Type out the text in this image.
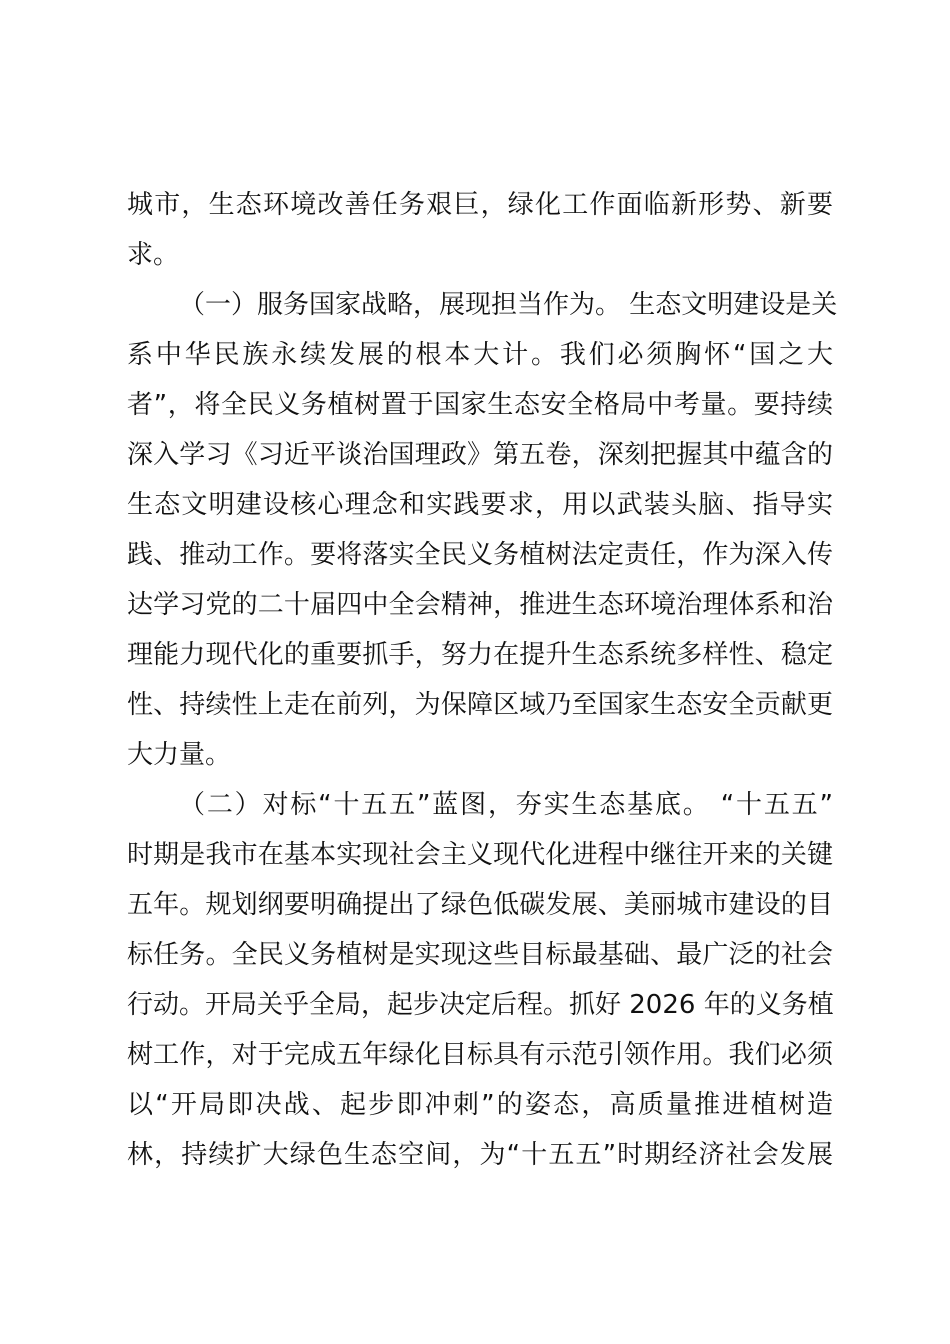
城市，生态环境改善任务艰巨，绿化工作面临新形势、新要
求。
（一）服务国家战略，展现担当作为。 生态文明建设是关
系中华民族永续发展的根本大计。我们必须胸怀“国之大
者”，将全民义务植树置于国家生态安全格局中考量。要持续
深入学习《习近平谈治国理政》第五卷，深刻把握其中蕴含的
生态文明建设核心理念和实践要求，用以武装头脑、指导实
践、推动工作。要将落实全民义务植树法定责任，作为深入传
达学习党的二十届四中全会精神，推进生态环境治理体系和治
理能力现代化的重要抓手，努力在提升生态系统多样性、稳定
性、持续性上走在前列，为保障区域乃至国家生态安全贡献更
大力量。
（二）对标“十五五”蓝图，夯实生态基底。 “十五五”
时期是我市在基本实现社会主义现代化进程中继往开来的关键
五年。规划纲要明确提出了绿色低碳发展、美丽城市建设的目
标任务。全民义务植树是实现这些目标最基础、最广泛的社会
行动。开局关乎全局，起步决定后程。抓好 2026 年的义务植
树工作，对于完成五年绿化目标具有示范引领作用。我们必须
以“开局即决战、起步即冲刺”的姿态，高质量推进植树造
林，持续扩大绿色生态空间，为“十五五”时期经济社会发展
